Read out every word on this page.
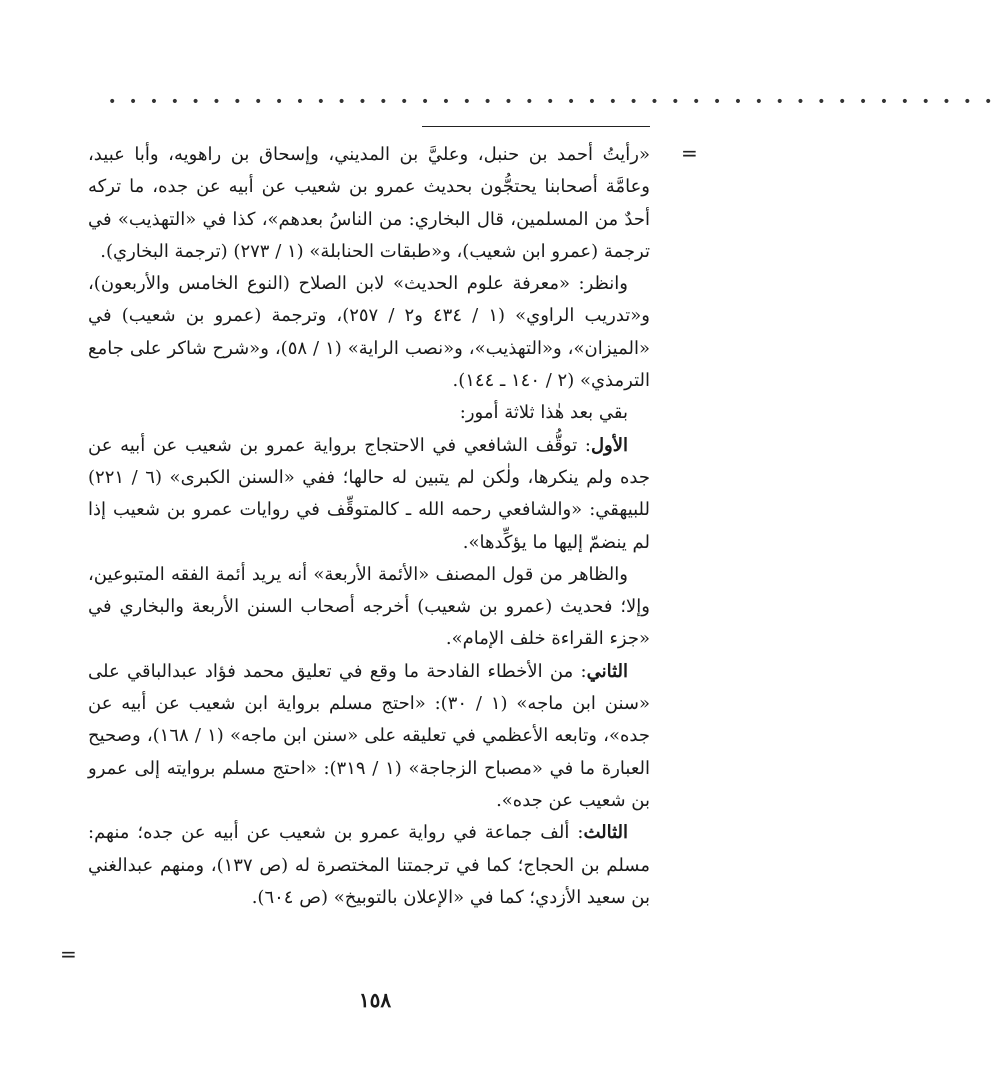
• • • • • • • • • • • • • • • • • • • • • • • • • • • • • • • • • • • • • • • • • • •
=

«رأيتُ أحمد بن حنبل، وعليَّ بن المديني، وإسحاق بن راهويه، وأبا عبيد، وعامَّة أصحابنا يحتجُّون بحديث عمرو بن شعيب عن أبيه عن جده، ما تركه أحدٌ من المسلمين، قال البخاري: من الناسُ بعدهم»، كذا في «التهذيب» في ترجمة (عمرو ابن شعيب)، و«طبقات الحنابلة» (١ / ٢٧٣) (ترجمة البخاري).

وانظر: «معرفة علوم الحديث» لابن الصلاح (النوع الخامس والأربعون)، و«تدريب الراوي» (١ / ٤٣٤ و٢ / ٢٥٧)، وترجمة (عمرو بن شعيب) في «الميزان»، و«التهذيب»، و«نصب الراية» (١ / ٥٨)، و«شرح شاكر على جامع الترمذي» (٢ / ١٤٠ ـ ١٤٤).

بقي بعد هٰذا ثلاثة أمور:

الأول: توقُّف الشافعي في الاحتجاج برواية عمرو بن شعيب عن أبيه عن جده ولم ينكرها، ولٰكن لم يتبين له حالها؛ ففي «السنن الكبرى» (٦ / ٢٢١) للبيهقي: «والشافعي رحمه الله ـ كالمتوقِّف في روايات عمرو بن شعيب إذا لم ينضمّ إليها ما يؤكِّدها».

والظاهر من قول المصنف «الأئمة الأربعة» أنه يريد أئمة الفقه المتبوعين، وإلا؛ فحديث (عمرو بن شعيب) أخرجه أصحاب السنن الأربعة والبخاري في «جزء القراءة خلف الإمام».

الثاني: من الأخطاء الفادحة ما وقع في تعليق محمد فؤاد عبدالباقي على «سنن ابن ماجه» (١ / ٣٠): «احتج مسلم برواية ابن شعيب عن أبيه عن جده»، وتابعه الأعظمي في تعليقه على «سنن ابن ماجه» (١ / ١٦٨)، وصحيح العبارة ما في «مصباح الزجاجة» (١ / ٣١٩): «احتج مسلم بروايته إلى عمرو بن شعيب عن جده».

الثالث: ألف جماعة في رواية عمرو بن شعيب عن أبيه عن جده؛ منهم: مسلم بن الحجاج؛ كما في ترجمتنا المختصرة له (ص ١٣٧)، ومنهم عبدالغني بن سعيد الأزدي؛ كما في «الإعلان بالتوبيخ» (ص ٦٠٤).

=
١٥٨
